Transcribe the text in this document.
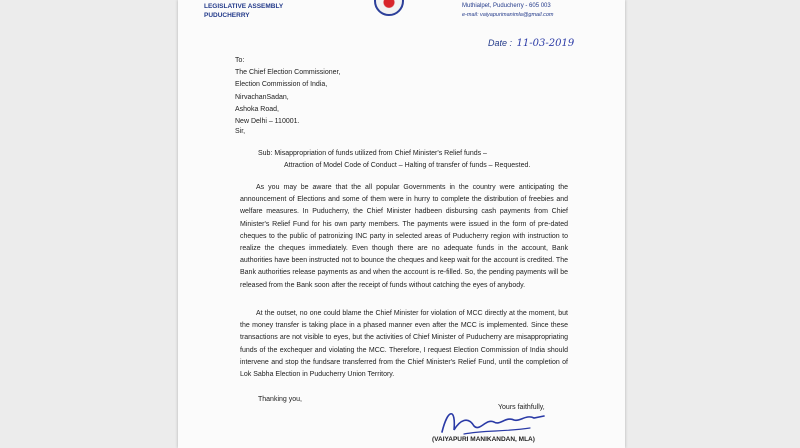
LEGISLATIVE ASSEMBLY
PUDUCHERRY
Muthialpet, Puducherry - 605 003
e-mail: vaiyapurimanimla@gmail.com
Date : 11-03-2019
To:
The Chief Election Commissioner,
Election Commission of India,
NirvachanSadan,
Ashoka Road,
New Delhi – 110001.
Sir,
Sub: Misappropriation of funds utilized from Chief Minister's Relief funds –
Attraction of Model Code of Conduct – Halting of transfer of funds – Requested.
As you may be aware that the all popular Governments in the country were anticipating the announcement of Elections and some of them were in hurry to complete the distribution of freebies and welfare measures. In Puducherry, the Chief Minister hadbeen disbursing cash payments from Chief Minister's Relief Fund for his own party members. The payments were issued in the form of pre-dated cheques to the public of patronizing INC party in selected areas of Puducherry region with instruction to realize the cheques immediately. Even though there are no adequate funds in the account, Bank authorities have been instructed not to bounce the cheques and keep wait for the account is credited. The Bank authorities release payments as and when the account is re-filled. So, the pending payments will be released from the Bank soon after the receipt of funds without catching the eyes of anybody.
At the outset, no one could blame the Chief Minister for violation of MCC directly at the moment, but the money transfer is taking place in a phased manner even after the MCC is implemented. Since these transactions are not visible to eyes, but the activities of Chief Minister of Puducherry are misappropriating funds of the exchequer and violating the MCC. Therefore, I request Election Commission of India should intervene and stop the fundsare transferred from the Chief Minister's Relief Fund, until the completion of Lok Sabha Election in Puducherry Union Territory.
Thanking you,
Yours faithfully,
(VAIYAPURI MANIKANDAN, MLA)
